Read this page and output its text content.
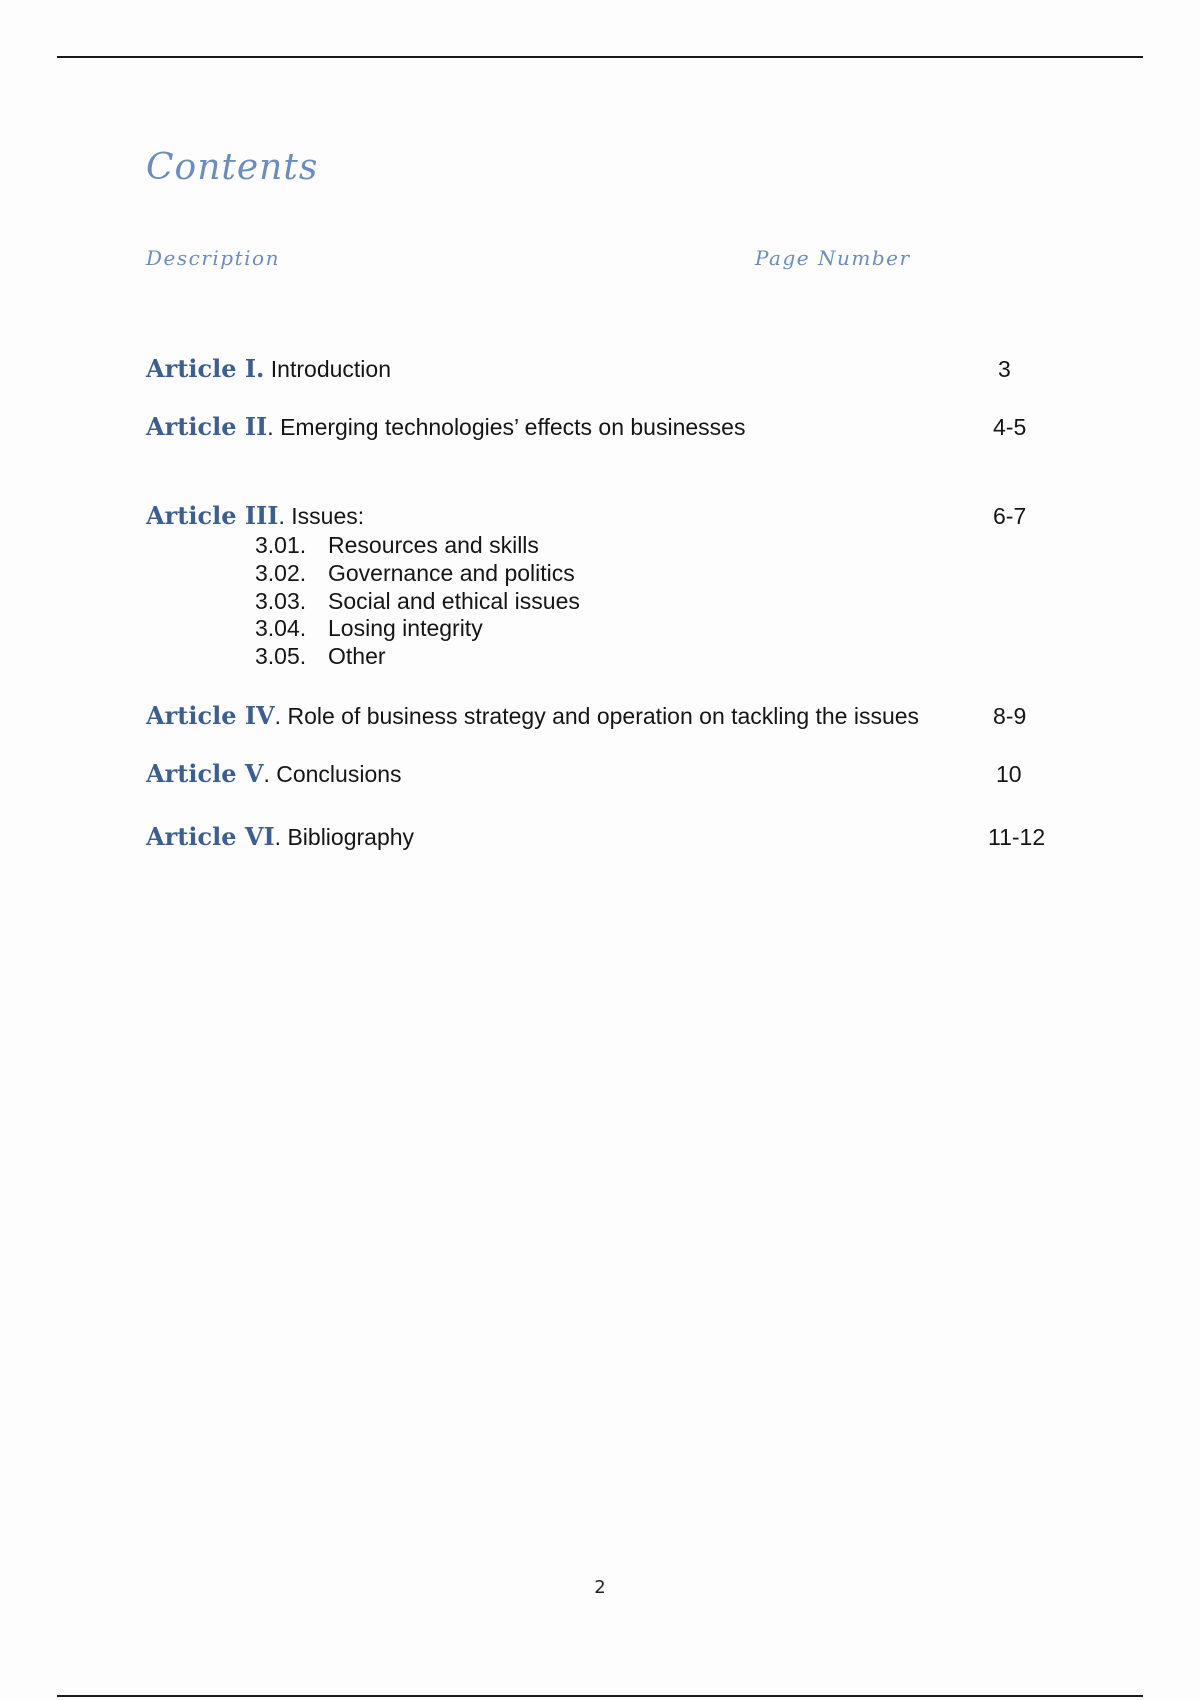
Contents
Description	Page Number
Article I. Introduction	3
Article II. Emerging technologies’ effects on businesses	4-5
Article III. Issues:	6-7
3.01. Resources and skills
3.02. Governance and politics
3.03. Social and ethical issues
3.04. Losing integrity
3.05. Other
Article IV. Role of business strategy and operation on tackling the issues	8-9
Article V. Conclusions	10
Article VI. Bibliography	11-12
2
